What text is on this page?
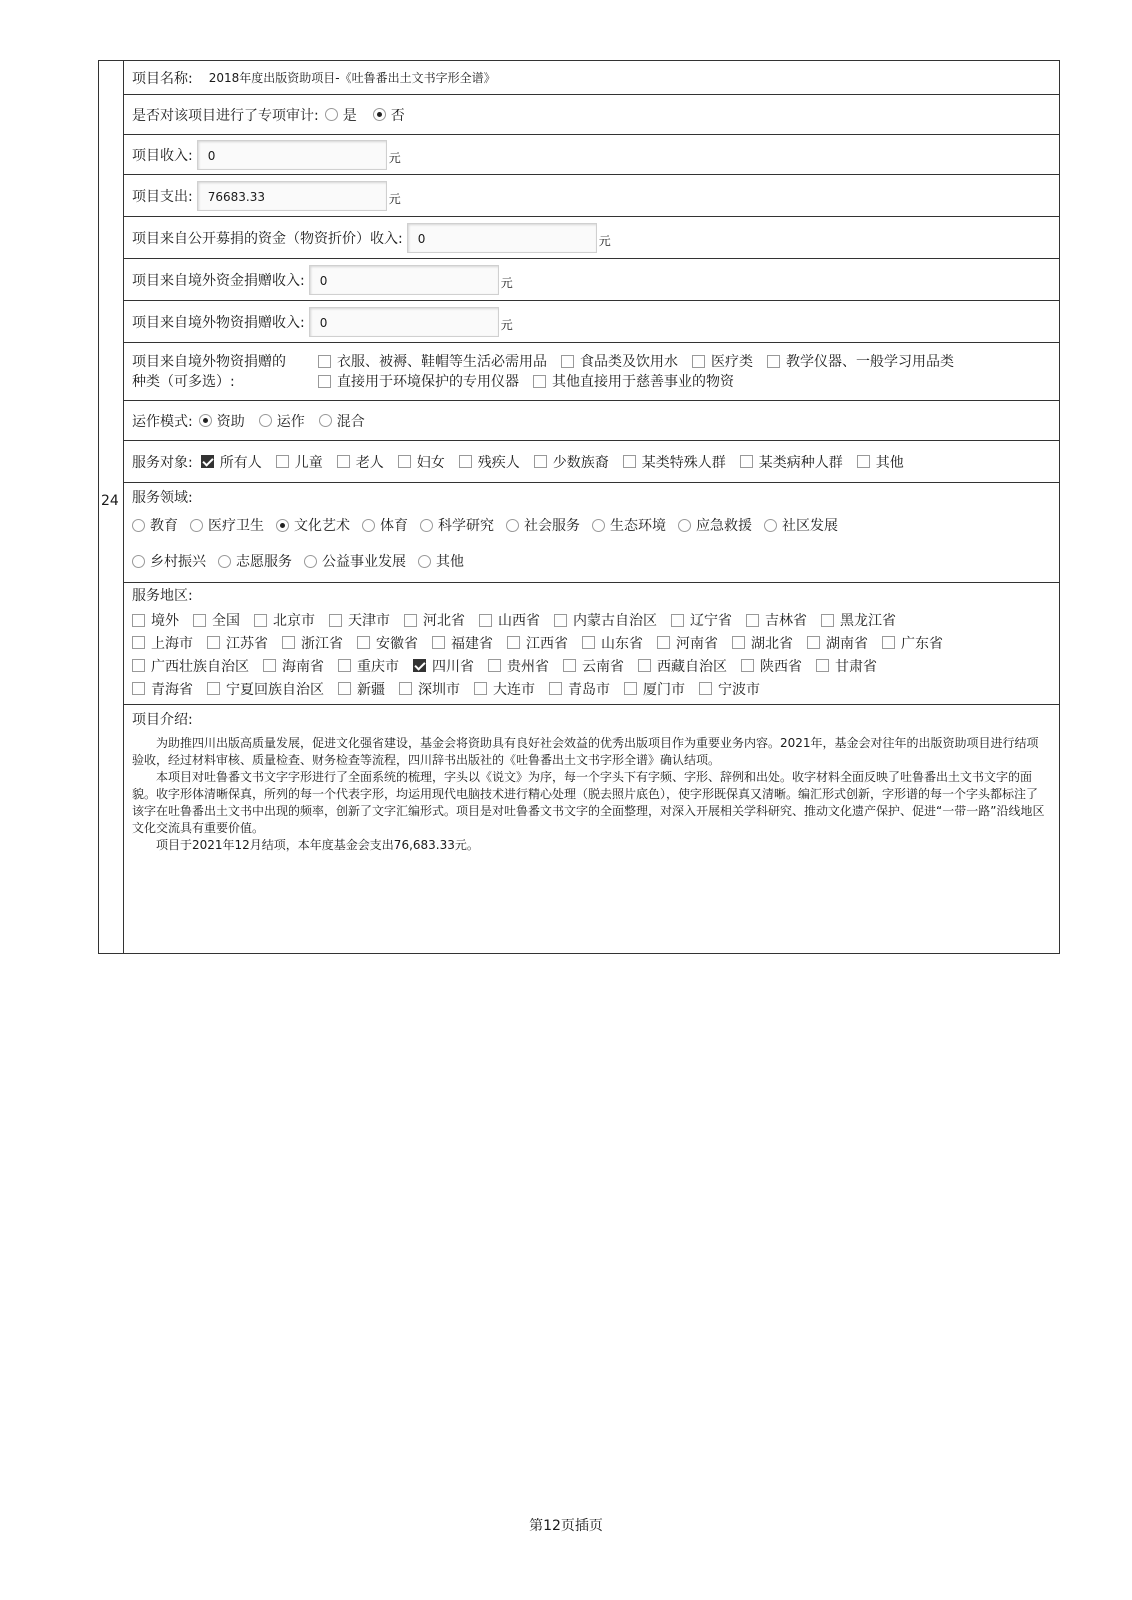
24
项目名称: 2018年度出版资助项目-《吐鲁番出土文书字形全谱》
是否对该项目进行了专项审计: 是 否
项目收入:	0	元
项目支出:	76683.33	元
项目来自公开募捐的资金（物资折价）收入:	0	元
项目来自境外资金捐赠收入:	0	元
项目来自境外物资捐赠收入:	0	元
项目来自境外物资捐赠的
种类（可多选）:
衣服、被褥、鞋帽等生活必需用品 食品类及饮用水 医疗类 教学仪器、一般学习用品类
直接用于环境保护的专用仪器 其他直接用于慈善事业的物资
运作模式: 资助 运作 混合
服务对象: 所有人 儿童 老人 妇女 残疾人 少数族裔 某类特殊人群 某类病种人群 其他
服务领域:
教育 医疗卫生 文化艺术 体育 科学研究 社会服务 生态环境 应急救援 社区发展
乡村振兴 志愿服务 公益事业发展 其他
服务地区:
境外 全国 北京市 天津市 河北省 山西省 内蒙古自治区 辽宁省 吉林省 黑龙江省
上海市 江苏省 浙江省 安徽省 福建省 江西省 山东省 河南省 湖北省 湖南省 广东省
广西壮族自治区 海南省 重庆市 四川省 贵州省 云南省 西藏自治区 陕西省 甘肃省
青海省 宁夏回族自治区 新疆 深圳市 大连市 青岛市 厦门市 宁波市
项目介绍:

为助推四川出版高质量发展，促进文化强省建设，基金会将资助具有良好社会效益的优秀出版项目作为重要业务内容。2021年，基金会对往年的出版资助项目进行结项验收，经过材料审核、质量检查、财务检查等流程，四川辞书出版社的《吐鲁番出土文书字形全谱》确认结项。

本项目对吐鲁番文书文字字形进行了全面系统的梳理，字头以《说文》为序，每一个字头下有字频、字形、辞例和出处。收字材料全面反映了吐鲁番出土文书文字的面貌。收字形体清晰保真，所列的每一个代表字形，均运用现代电脑技术进行精心处理（脱去照片底色），使字形既保真又清晰。编汇形式创新，字形谱的每一个字头都标注了该字在吐鲁番出土文书中出现的频率，创新了文字汇编形式。项目是对吐鲁番文书文字的全面整理，对深入开展相关学科研究、推动文化遗产保护、促进“一带一路”沿线地区文化交流具有重要价值。

项目于2021年12月结项，本年度基金会支出76,683.33元。

第12页插页
